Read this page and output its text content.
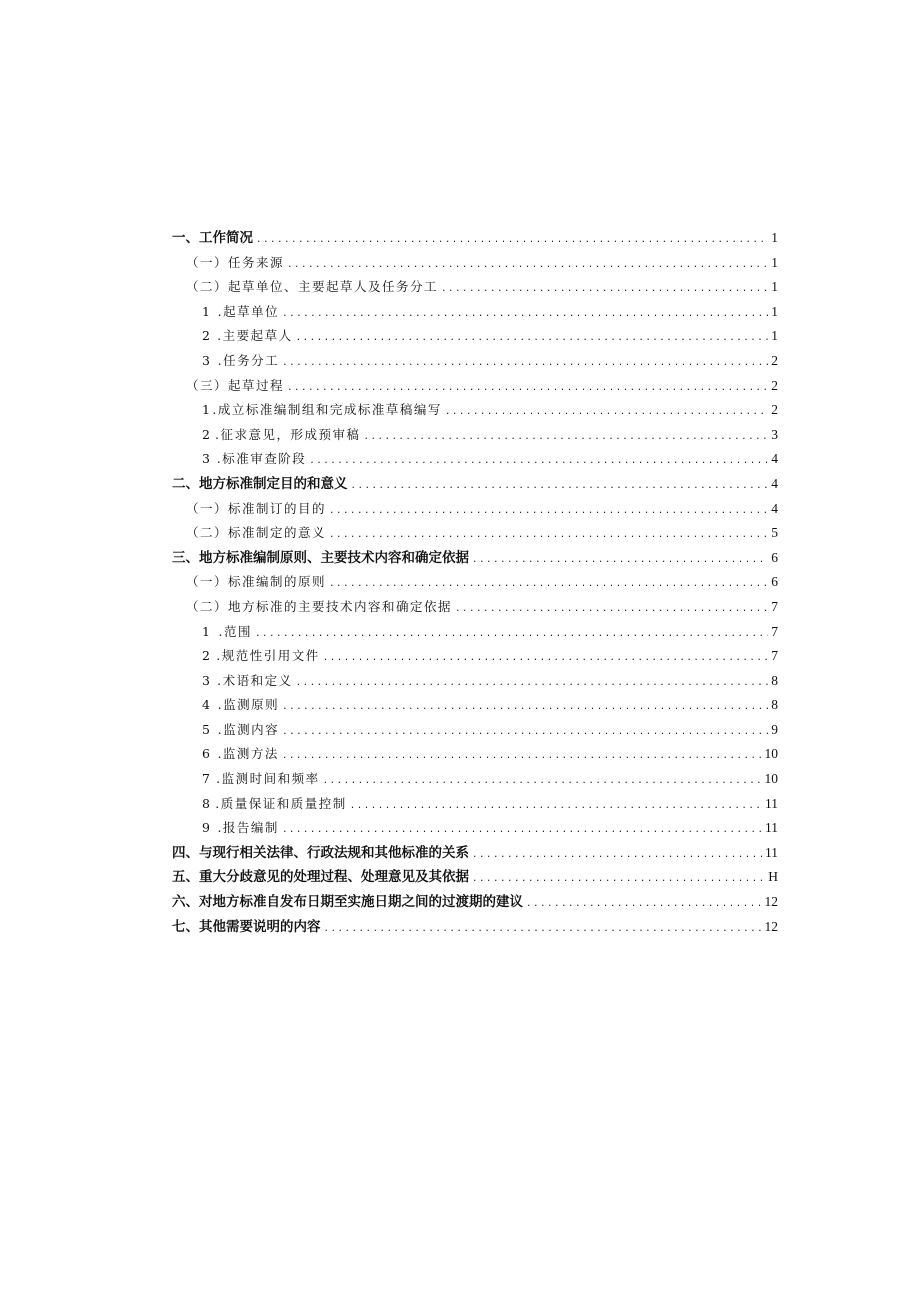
一、工作简况 . . .	1
（一）任务来源 . . .	1
（二）起草单位、主要起草人及任务分工 . . .	1
1 .起草单位 . . .	1
2 .主要起草人 . . .	1
3 .任务分工 . . .	2
（三）起草过程 . . .	2
1 .成立标准编制组和完成标准草稿编写 . . .	2
2 .征求意见，形成预审稿 . . .	3
3 .标准审查阶段 . . .	4
二、地方标准制定目的和意义 . . .	4
（一）标准制订的目的 . . .	4
（二）标准制定的意义 . . .	5
三、地方标准编制原则、主要技术内容和确定依据 . . .	6
（一）标准编制的原则 . . .	6
（二）地方标准的主要技术内容和确定依据 . . .	7
1 .范围 . . .	7
2 .规范性引用文件 . . .	7
3 .术语和定义 . . .	8
4 .监测原则 . . .	8
5 .监测内容 . . .	9
6 .监测方法 . . .	10
7 .监测时间和频率 . . .	10
8 .质量保证和质量控制 . . .	11
9 .报告编制 . . .	11
四、与现行相关法律、行政法规和其他标准的关系 . . .	11
五、重大分歧意见的处理过程、处理意见及其依据 . . .	H
六、对地方标准自发布日期至实施日期之间的过渡期的建议 . . .	12
七、其他需要说明的内容 . . .	12
